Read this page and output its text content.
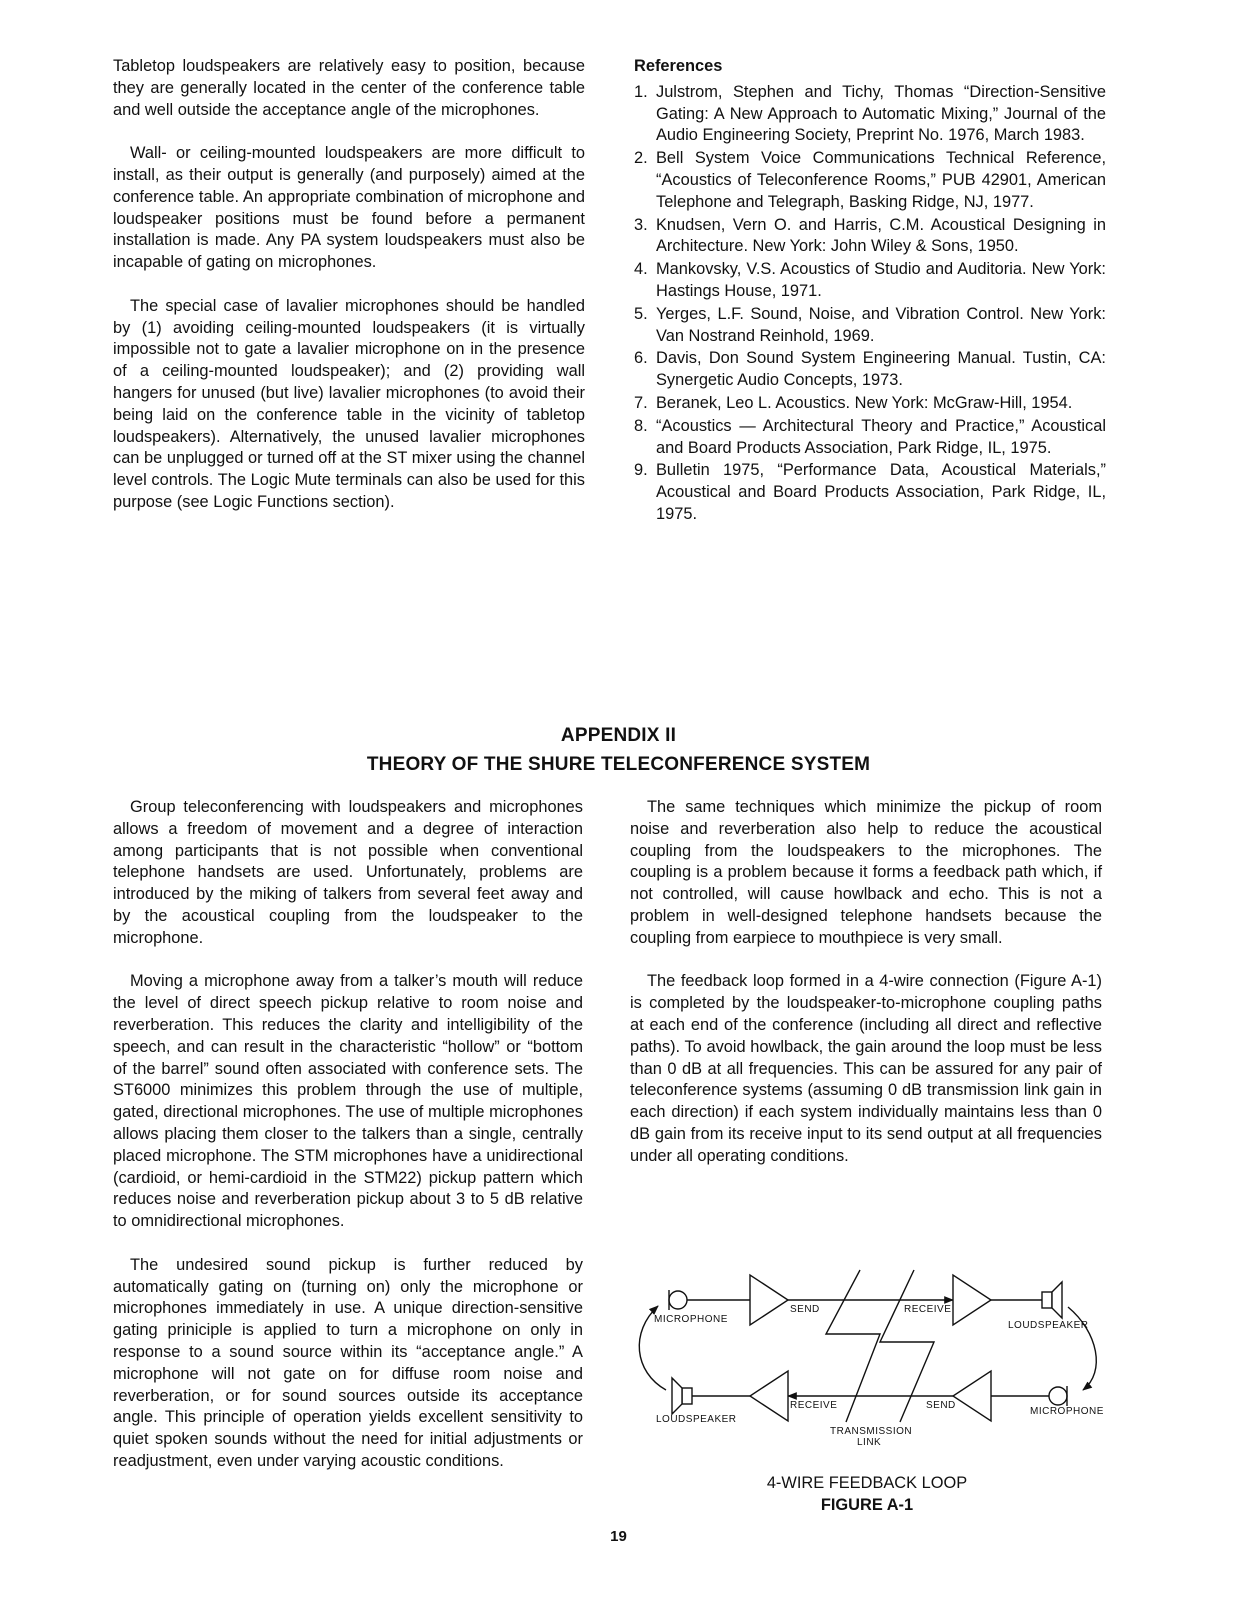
Tabletop loudspeakers are relatively easy to position, because they are generally located in the center of the conference table and well outside the acceptance angle of the microphones.

Wall- or ceiling-mounted loudspeakers are more difficult to install, as their output is generally (and purposely) aimed at the conference table. An appropriate combination of microphone and loudspeaker positions must be found before a permanent installation is made. Any PA system loudspeakers must also be incapable of gating on microphones.

The special case of lavalier microphones should be handled by (1) avoiding ceiling-mounted loudspeakers (it is virtually impossible not to gate a lavalier microphone on in the presence of a ceiling-mounted loudspeaker); and (2) providing wall hangers for unused (but live) lavalier microphones (to avoid their being laid on the conference table in the vicinity of tabletop loudspeakers). Alternatively, the unused lavalier microphones can be unplugged or turned off at the ST mixer using the channel level controls. The Logic Mute terminals can also be used for this purpose (see Logic Functions section).

References
1. Julstrom, Stephen and Tichy, Thomas “Direction-Sensitive Gating: A New Approach to Automatic Mixing,” Journal of the Audio Engineering Society, Preprint No. 1976, March 1983.
2. Bell System Voice Communications Technical Reference, “Acoustics of Teleconference Rooms,” PUB 42901, American Telephone and Telegraph, Basking Ridge, NJ, 1977.
3. Knudsen, Vern O. and Harris, C.M. Acoustical Designing in Architecture. New York: John Wiley & Sons, 1950.
4. Mankovsky, V.S. Acoustics of Studio and Auditoria. New York: Hastings House, 1971.
5. Yerges, L.F. Sound, Noise, and Vibration Control. New York: Van Nostrand Reinhold, 1969.
6. Davis, Don Sound System Engineering Manual. Tustin, CA: Synergetic Audio Concepts, 1973.
7. Beranek, Leo L. Acoustics. New York: McGraw-Hill, 1954.
8. “Acoustics — Architectural Theory and Practice,” Acoustical and Board Products Association, Park Ridge, IL, 1975.
9. Bulletin 1975, “Performance Data, Acoustical Materials,” Acoustical and Board Products Association, Park Ridge, IL, 1975.
APPENDIX II
THEORY OF THE SHURE TELECONFERENCE SYSTEM

Group teleconferencing with loudspeakers and microphones allows a freedom of movement and a degree of interaction among participants that is not possible when conventional telephone handsets are used. Unfortunately, problems are introduced by the miking of talkers from several feet away and by the acoustical coupling from the loudspeaker to the microphone.

Moving a microphone away from a talker’s mouth will reduce the level of direct speech pickup relative to room noise and reverberation. This reduces the clarity and intelligibility of the speech, and can result in the characteristic “hollow” or “bottom of the barrel” sound often associated with conference sets. The ST6000 minimizes this problem through the use of multiple, gated, directional microphones. The use of multiple microphones allows placing them closer to the talkers than a single, centrally placed microphone. The STM microphones have a unidirectional (cardioid, or hemi-cardioid in the STM22) pickup pattern which reduces noise and reverberation pickup about 3 to 5 dB relative to omnidirectional microphones.

The undesired sound pickup is further reduced by automatically gating on (turning on) only the microphone or microphones immediately in use. A unique direction-sensitive gating priniciple is applied to turn a microphone on only in response to a sound source within its “acceptance angle.” A microphone will not gate on for diffuse room noise and reverberation, or for sound sources outside its acceptance angle. This principle of operation yields excellent sensitivity to quiet spoken sounds without the need for initial adjustments or readjustment, even under varying acoustic conditions.

The same techniques which minimize the pickup of room noise and reverberation also help to reduce the acoustical coupling from the loudspeakers to the microphones. The coupling is a problem because it forms a feedback path which, if not controlled, will cause howlback and echo. This is not a problem in well-designed telephone handsets because the coupling from earpiece to mouthpiece is very small.

The feedback loop formed in a 4-wire connection (Figure A-1) is completed by the loudspeaker-to-microphone coupling paths at each end of the conference (including all direct and reflective paths). To avoid howlback, the gain around the loop must be less than 0 dB at all frequencies. This can be assured for any pair of teleconference systems (assuming 0 dB transmission link gain in each direction) if each system individually maintains less than 0 dB gain from its receive input to its send output at all frequencies under all operating conditions.

MICROPHONE
SEND	RECEIVE
LOUDSPEAKER
LOUDSPEAKER
RECEIVE	SEND
MICROPHONE
TRANSMISSION
LINK
4-WIRE FEEDBACK LOOP
FIGURE A-1
19
